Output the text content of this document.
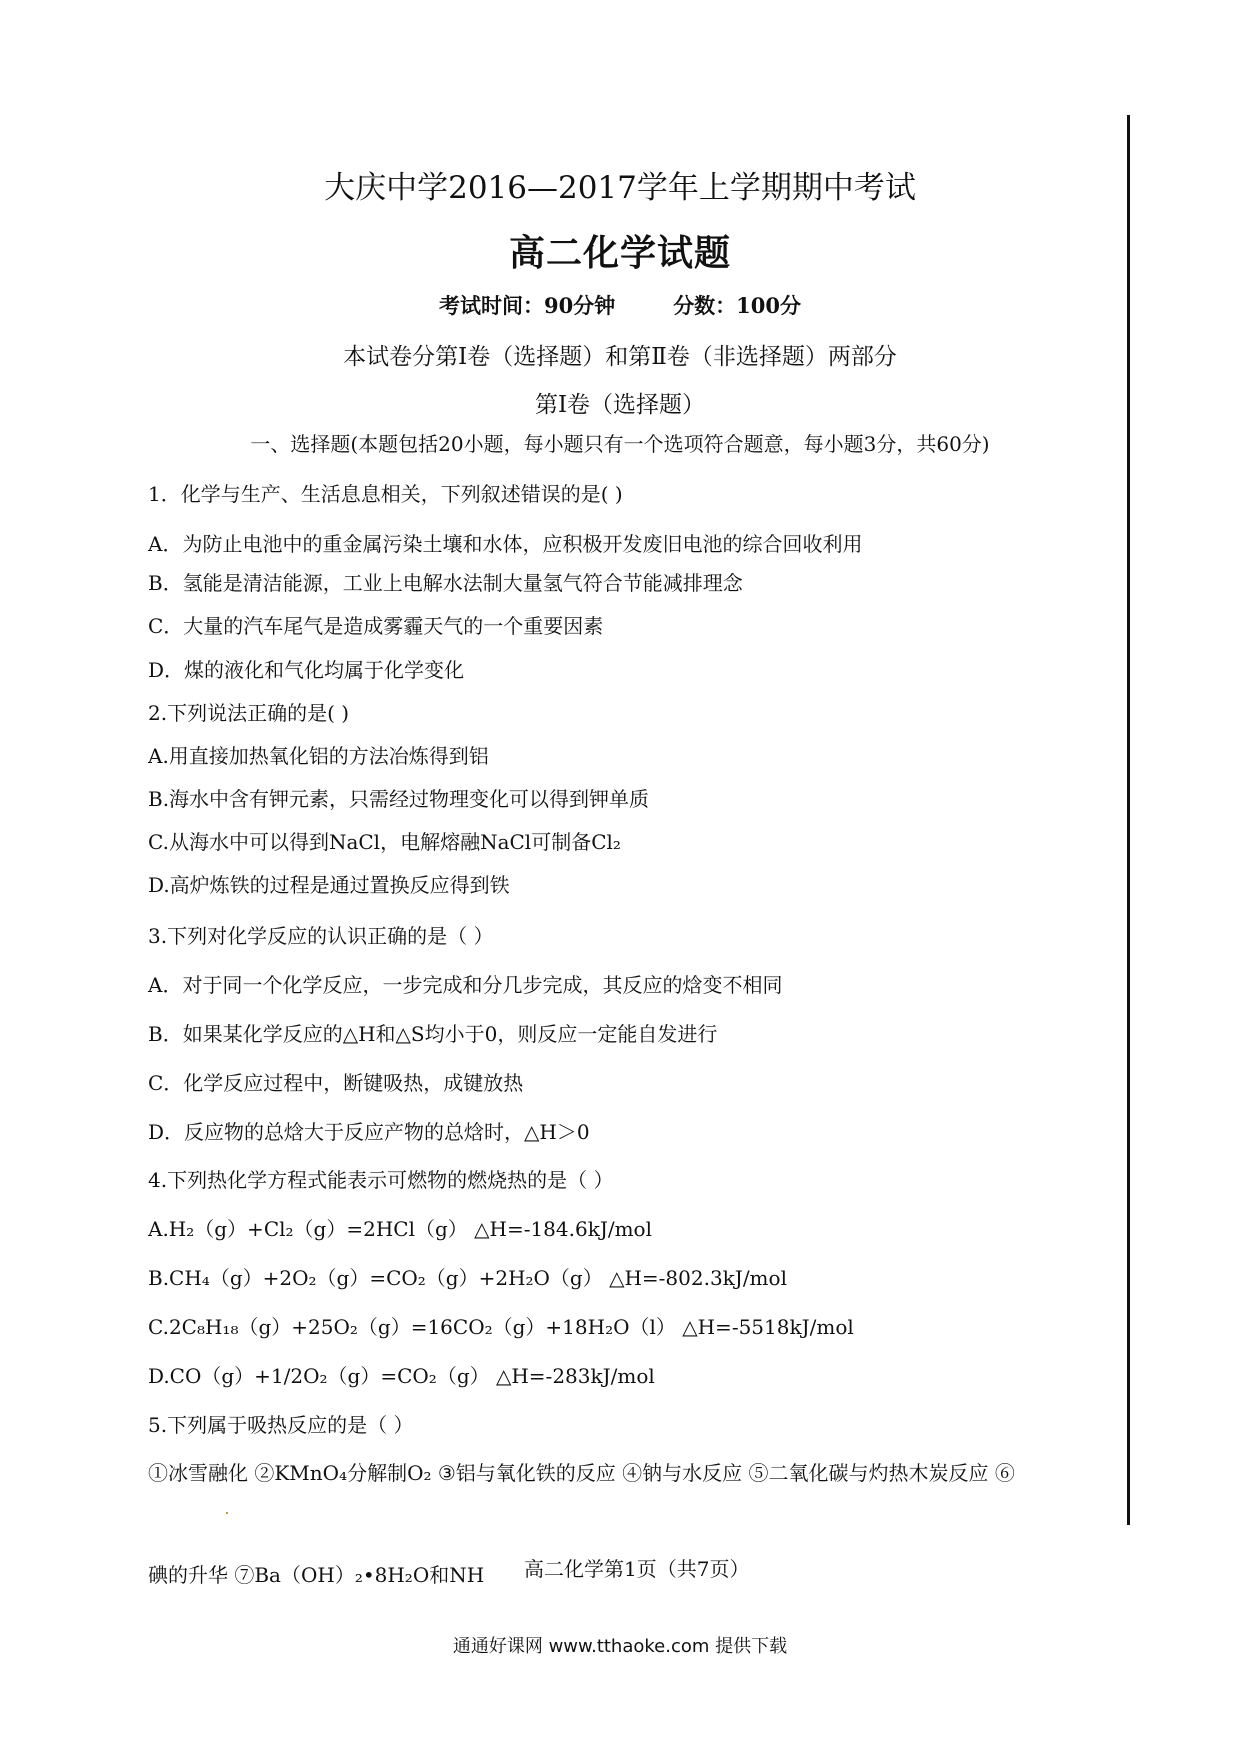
大庆中学2016—2017学年上学期期中考试
高二化学试题
考试时间：90分钟	分数：100分
本试卷分第Ⅰ卷（选择题）和第Ⅱ卷（非选择题）两部分
第Ⅰ卷（选择题）
一、选择题(本题包括20小题，每小题只有一个选项符合题意，每小题3分，共60分)
1．化学与生产、生活息息相关，下列叙述错误的是( )
A．为防止电池中的重金属污染土壤和水体，应积极开发废旧电池的综合回收利用
B．氢能是清洁能源，工业上电解水法制大量氢气符合节能减排理念
C．大量的汽车尾气是造成雾霾天气的一个重要因素
D．煤的液化和气化均属于化学变化
2.下列说法正确的是( )
A.用直接加热氧化铝的方法冶炼得到铝
B.海水中含有钾元素，只需经过物理变化可以得到钾单质
C.从海水中可以得到NaCl，电解熔融NaCl可制备Cl₂
D.高炉炼铁的过程是通过置换反应得到铁
3.下列对化学反应的认识正确的是（ ）
A．对于同一个化学反应，一步完成和分几步完成，其反应的焓变不相同
B．如果某化学反应的△H和△S均小于0，则反应一定能自发进行
C．化学反应过程中，断键吸热，成键放热
D．反应物的总焓大于反应产物的总焓时，△H＞0
4.下列热化学方程式能表示可燃物的燃烧热的是（ ）
A.H₂（g）+Cl₂（g）=2HCl（g） △H=-184.6kJ/mol
B.CH₄（g）+2O₂（g）=CO₂（g）+2H₂O（g） △H=-802.3kJ/mol
C.2C₈H₁₈（g）+25O₂（g）=16CO₂（g）+18H₂O（l） △H=-5518kJ/mol
D.CO（g）+1/2O₂（g）=CO₂（g） △H=-283kJ/mol
5.下列属于吸热反应的是（ ）
①冰雪融化 ②KMnO₄分解制O₂ ③铝与氧化铁的反应 ④钠与水反应 ⑤二氧化碳与灼热木炭反应 ⑥
碘的升华 ⑦Ba（OH）₂•8H₂O和NH 高二化学第1页（共7页）
通通好课网 www.tthaoke.com 提供下载
